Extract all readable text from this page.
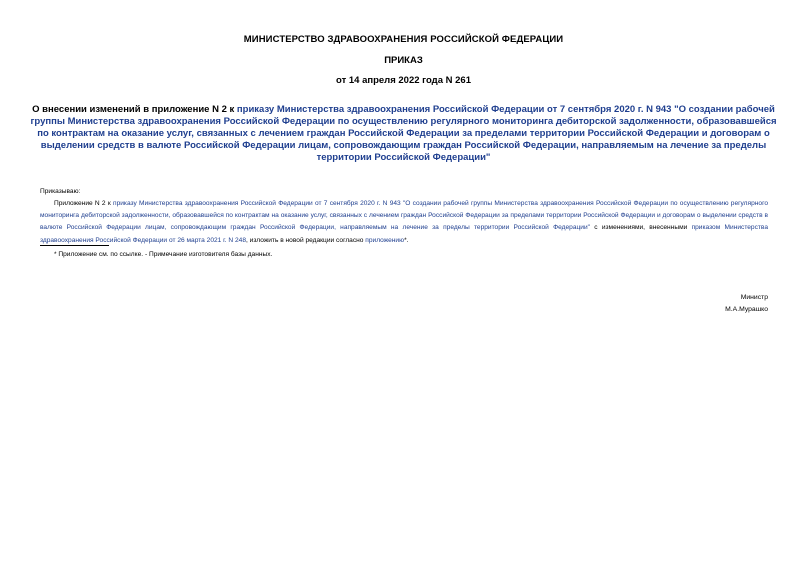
МИНИСТЕРСТВО ЗДРАВООХРАНЕНИЯ РОССИЙСКОЙ ФЕДЕРАЦИИ
ПРИКАЗ
от 14 апреля 2022 года N 261
О внесении изменений в приложение N 2 к приказу Министерства здравоохранения Российской Федерации от 7 сентября 2020 г. N 943 "О создании рабочей группы Министерства здравоохранения Российской Федерации по осуществлению регулярного мониторинга дебиторской задолженности, образовавшейся по контрактам на оказание услуг, связанных с лечением граждан Российской Федерации за пределами территории Российской Федерации и договорам о выделении средств в валюте Российской Федерации лицам, сопровождающим граждан Российской Федерации, направляемым на лечение за пределы территории Российской Федерации"
Приказываю:
Приложение N 2 к приказу Министерства здравоохранения Российской Федерации от 7 сентября 2020 г. N 943 "О создании рабочей группы Министерства здравоохранения Российской Федерации по осуществлению регулярного мониторинга дебиторской задолженности, образовавшейся по контрактам на оказание услуг, связанных с лечением граждан Российской Федерации за пределами территории Российской Федерации и договорам о выделении средств в валюте Российской Федерации лицам, сопровождающим граждан Российской Федерации, направляемым на лечение за пределы территории Российской Федерации" с изменениями, внесенными приказом Министерства здравоохранения Российской Федерации от 26 марта 2021 г. N 248, изложить в новой редакции согласно приложению*.
* Приложение см. по ссылке. - Примечание изготовителя базы данных.
Министр
М.А.Мурашко
